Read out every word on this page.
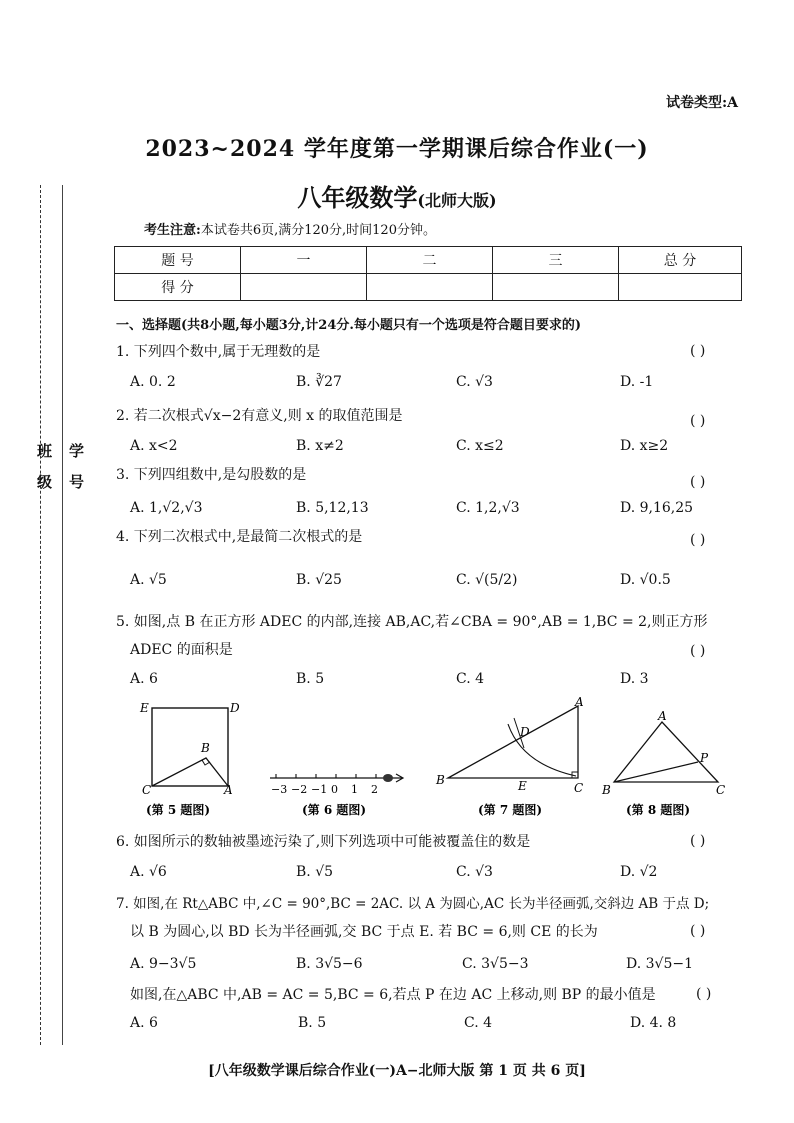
班级 学号
试卷类型:A
2023~2024 学年度第一学期课后综合作业(一)
八年级数学(北师大版)
考生注意:本试卷共6页,满分120分,时间120分钟。
题 号	一	二	三	总 分
得 分				
一、选择题(共8小题,每小题3分,计24分.每小题只有一个选项是符合题目要求的)
1. 下列四个数中,属于无理数的是	( )
A. 0. 2	B. ∛27	C. √3	D. -1
2. 若二次根式√x−2有意义,则 x 的取值范围是	( )
A. x<2	B. x≠2	C. x≤2	D. x≥2
3. 下列四组数中,是勾股数的是	( )
A. 1,√2,√3	B. 5,12,13	C. 1,2,√3	D. 9,16,25
4. 下列二次根式中,是最简二次根式的是	( )
A. √5	B. √25	C. √(5/2)	D. √0.5
5. 如图,点 B 在正方形 ADEC 的内部,连接 AB,AC,若∠CBA = 90°,AB = 1,BC = 2,则正方形
ADEC 的面积是	( )
A. 6	B. 5	C. 4	D. 3
E	D
B
C	A	−3 −2 −1 0 1 2
A
D
B	E	C
A
P
B	C
(第 5 题图)	(第 6 题图)	(第 7 题图)	(第 8 题图)
6. 如图所示的数轴被墨迹污染了,则下列选项中可能被覆盖住的数是	( )
A. √6	B. √5	C. √3	D. √2
7. 如图,在 Rt△ABC 中,∠C = 90°,BC = 2AC. 以 A 为圆心,AC 长为半径画弧,交斜边 AB 于点 D;
以 B 为圆心,以 BD 长为半径画弧,交 BC 于点 E. 若 BC = 6,则 CE 的长为	( )
A. 9−3√5	B. 3√5−6	C. 3√5−3	D. 3√5−1
如图,在△ABC 中,AB = AC = 5,BC = 6,若点 P 在边 AC 上移动,则 BP 的最小值是	( )
A. 6	B. 5	C. 4	D. 4. 8
[八年级数学课后综合作业(一)A−北师大版 第 1 页 共 6 页]
